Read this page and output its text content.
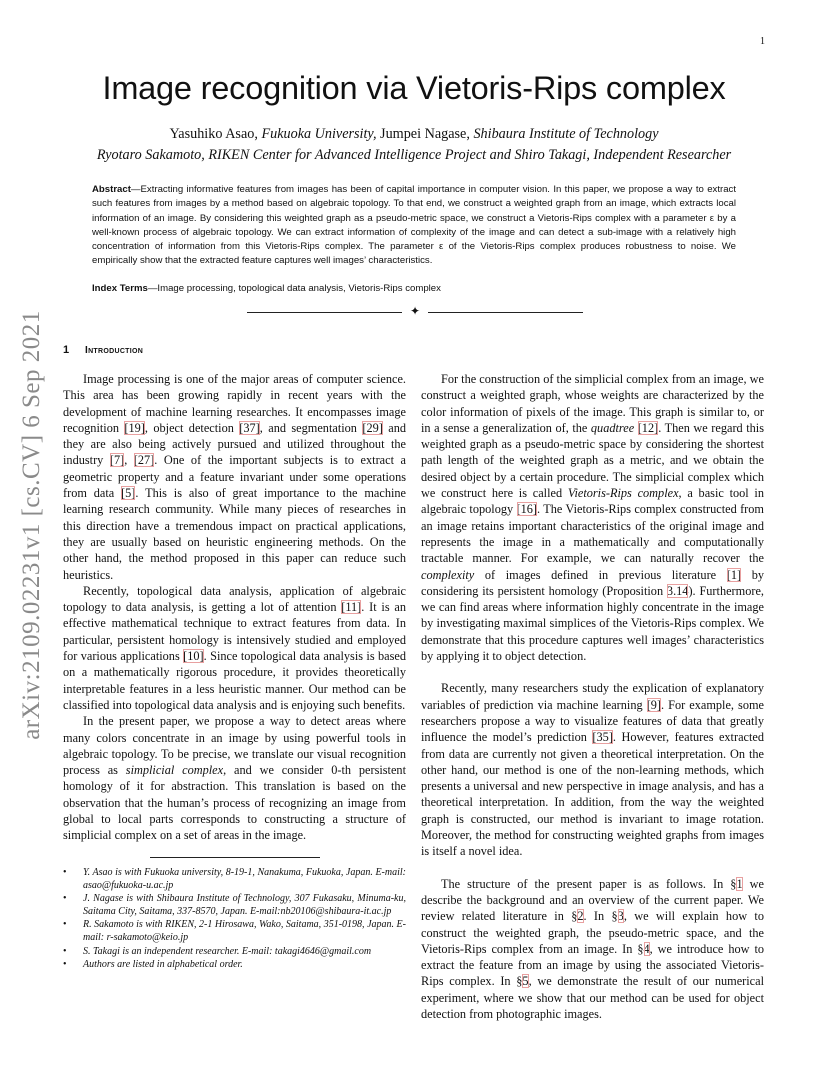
1
Image recognition via Vietoris-Rips complex
Yasuhiko Asao, Fukuoka University, Jumpei Nagase, Shibaura Institute of Technology
Ryotaro Sakamoto, RIKEN Center for Advanced Intelligence Project and Shiro Takagi, Independent Researcher
Abstract—Extracting informative features from images has been of capital importance in computer vision. In this paper, we propose a way to extract such features from images by a method based on algebraic topology. To that end, we construct a weighted graph from an image, which extracts local information of an image. By considering this weighted graph as a pseudo-metric space, we construct a Vietoris-Rips complex with a parameter ε by a well-known process of algebraic topology. We can extract information of complexity of the image and can detect a sub-image with a relatively high concentration of information from this Vietoris-Rips complex. The parameter ε of the Vietoris-Rips complex produces robustness to noise. We empirically show that the extracted feature captures well images’ characteristics.
Index Terms—Image processing, topological data analysis, Vietoris-Rips complex
✦
1 Introduction
arXiv:2109.02231v1 [cs.CV] 6 Sep 2021	Image processing is one of the major areas of computer science. This area has been growing rapidly in recent years with the development of machine learning researches. It encompasses image recognition [19], object detection [37], and segmentation [29] and they are also being actively pursued and utilized throughout the industry [7], [27]. One of the important subjects is to extract a geometric property and a feature invariant under some operations from data [5]. This is also of great importance to the machine learning research community. While many pieces of researches in this direction have a tremendous impact on practical applications, they are usually based on heuristic engineering methods. On the other hand, the method proposed in this paper can reduce such heuristics.

Recently, topological data analysis, application of algebraic topology to data analysis, is getting a lot of attention [11]. It is an effective mathematical technique to extract features from data. In particular, persistent homology is intensively studied and employed for various applications [10]. Since topological data analysis is based on a mathematically rigorous procedure, it provides theoretically interpretable features in a less heuristic manner. Our method can be classified into topological data analysis and is enjoying such benefits.

In the present paper, we propose a way to detect areas where many colors concentrate in an image by using powerful tools in algebraic topology. To be precise, we translate our visual recognition process as simplicial complex, and we consider 0-th persistent homology of it for abstraction. This translation is based on the observation that the human’s process of recognizing an image from global to local parts corresponds to constructing a structure of simplicial complex on a set of areas in the image.

• Y. Asao is with Fukuoka university, 8-19-1, Nanakuma, Fukuoka, Japan. E-mail: asao@fukuoka-u.ac.jp
• J. Nagase is with Shibaura Institute of Technology, 307 Fukasaku, Minuma-ku, Saitama City, Saitama, 337-8570, Japan. E-mail:nb20106@shibaura-it.ac.jp
• R. Sakamoto is with RIKEN, 2-1 Hirosawa, Wako, Saitama, 351-0198, Japan. E-mail: r-sakamoto@keio.jp
• S. Takagi is an independent researcher. E-mail: takagi4646@gmail.com
• Authors are listed in alphabetical order.

For the construction of the simplicial complex from an image, we construct a weighted graph, whose weights are characterized by the color information of pixels of the image. This graph is similar to, or in a sense a generalization of, the quadtree [12]. Then we regard this weighted graph as a pseudo-metric space by considering the shortest path length of the weighted graph as a metric, and we obtain the desired object by a certain procedure. The simplicial complex which we construct here is called Vietoris-Rips complex, a basic tool in algebraic topology [16]. The Vietoris-Rips complex constructed from an image retains important characteristics of the original image and represents the image in a mathematically and computationally tractable manner. For example, we can naturally recover the complexity of images defined in previous literature [1] by considering its persistent homology (Proposition 3.14). Furthermore, we can find areas where information highly concentrate in the image by investigating maximal simplices of the Vietoris-Rips complex. We demonstrate that this procedure captures well images’ characteristics by applying it to object detection.

Recently, many researchers study the explication of explanatory variables of prediction via machine learning [9]. For example, some researchers propose a way to visualize features of data that greatly influence the model’s prediction [35]. However, features extracted from data are currently not given a theoretical interpretation. On the other hand, our method is one of the non-learning methods, which presents a universal and new perspective in image analysis, and has a theoretical interpretation. In addition, from the way the weighted graph is constructed, our method is invariant to image rotation. Moreover, the method for constructing weighted graphs from images is itself a novel idea.

The structure of the present paper is as follows. In §1 we describe the background and an overview of the current paper. We review related literature in §2. In §3, we will explain how to construct the weighted graph, the pseudo-metric space, and the Vietoris-Rips complex from an image. In §4, we introduce how to extract the feature from an image by using the associated Vietoris-Rips complex. In §5, we demonstrate the result of our numerical experiment, where we show that our method can be used for object detection from photographic images.
